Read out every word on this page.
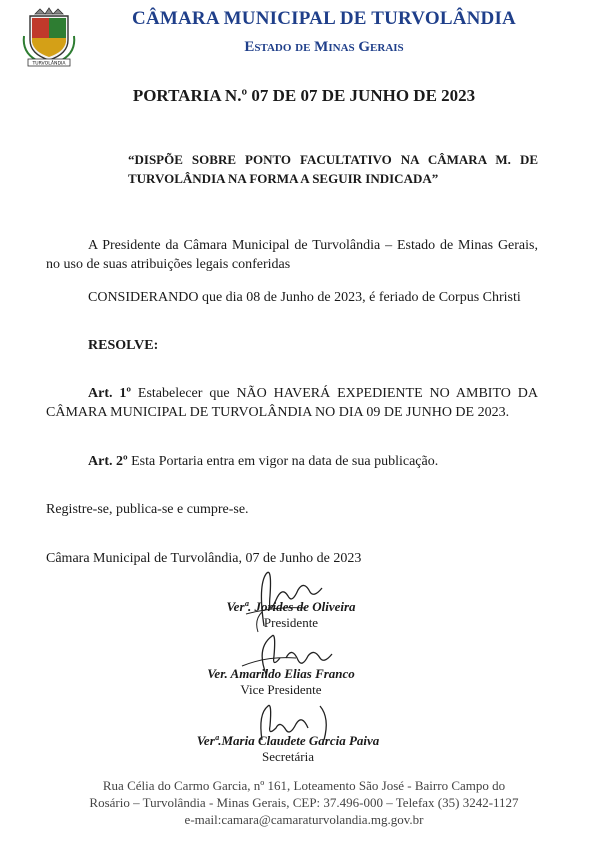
TURVOLÂNDIA
CÂMARA MUNICIPAL DE TURVOLÂNDIA
Estado de Minas Gerais
PORTARIA N.º 07 DE 07 DE JUNHO DE 2023
“DISPÕE SOBRE PONTO FACULTATIVO NA CÂMARA M. DE TURVOLÂNDIA NA FORMA A SEGUIR INDICADA”
A Presidente da Câmara Municipal de Turvolândia – Estado de Minas Gerais, no uso de suas atribuições legais conferidas
CONSIDERANDO que dia 08 de Junho de 2023, é feriado de Corpus Christi
RESOLVE:
Art. 1º Estabelecer que NÃO HAVERÁ EXPEDIENTE NO AMBITO DA CÂMARA MUNICIPAL DE TURVOLÂNDIA NO DIA 09 DE JUNHO DE 2023.
Art. 2º Esta Portaria entra em vigor na data de sua publicação.
Registre-se, publica-se e cumpre-se.
Câmara Municipal de Turvolândia, 07 de Junho de 2023
Verª. Jorides de Oliveira
Presidente
Ver. Amarildo Elias Franco
Vice Presidente
Verª.Maria Claudete Garcia Paiva
Secretária
Rua Célia do Carmo Garcia, nº 161, Loteamento São José - Bairro Campo do
Rosário – Turvolândia - Minas Gerais, CEP: 37.496-000 – Telefax (35) 3242-1127
e-mail:camara@camaraturvolandia.mg.gov.br
